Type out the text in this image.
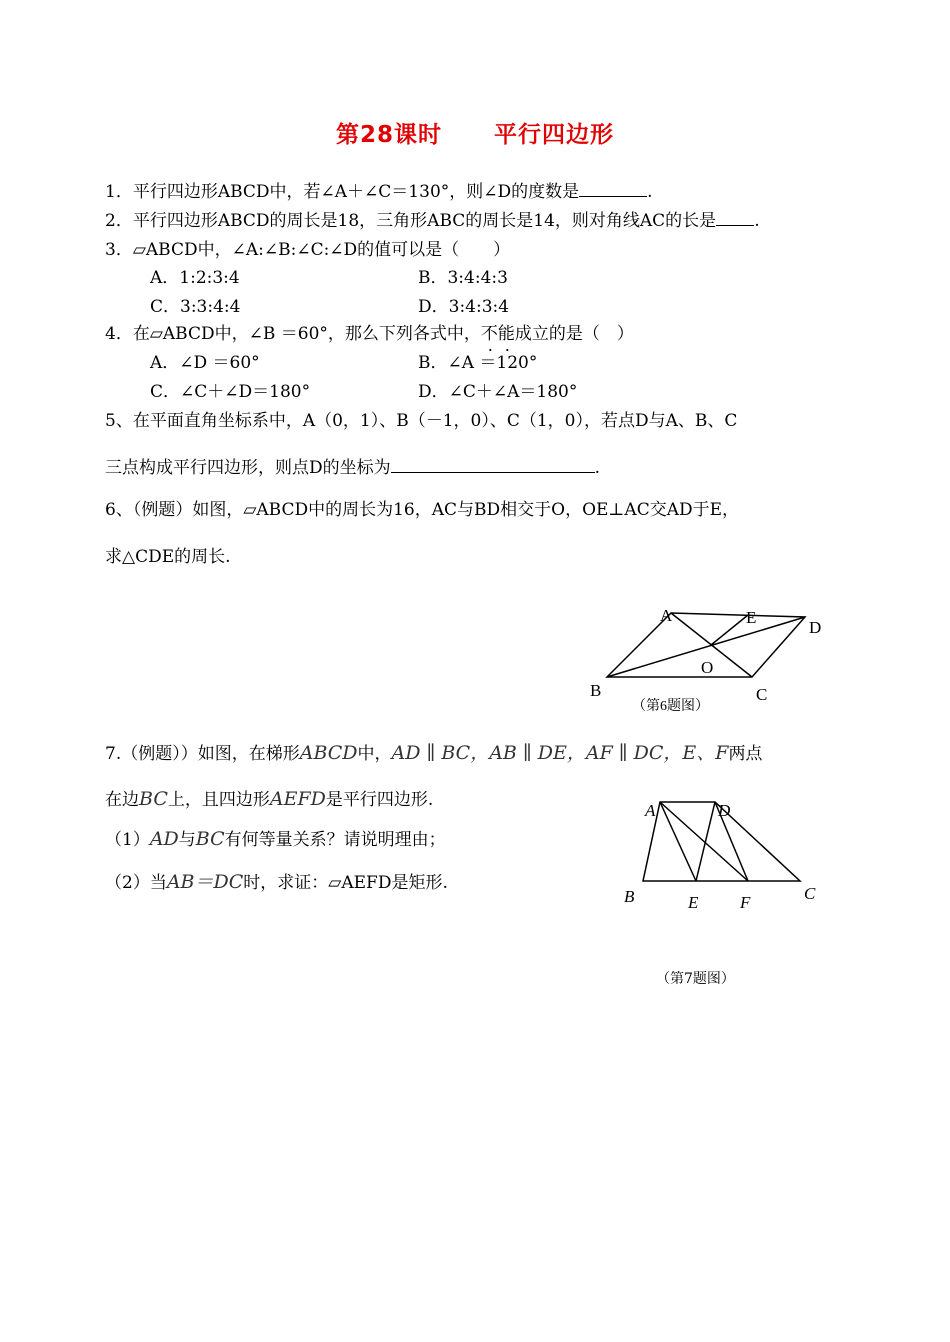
第28课时 平行四边形
1．平行四边形ABCD中，若∠A＋∠C＝130°，则∠D的度数是	.
2．平行四边形ABCD的周长是18，三角形ABC的周长是14，则对角线AC的长是 .
3．▱ABCD中，∠A:∠B:∠C:∠D的值可以是（　　）
A．1:2:3:4	B．3:4:4:3
C．3:3:4:4	D．3:4:3:4
4．在▱ABCD中，∠B ＝60°，那么下列各式中，不能成立的是（　）
A．∠D ＝60°	B．∠A ＝120°
C．∠C＋∠D＝180°	D．∠C＋∠A＝180°
5、在平面直角坐标系中，A（0，1）、B（－1，0）、C（1，0），若点D与A、B、C
三点构成平行四边形，则点D的坐标为	.
6、（例题）如图，▱ABCD中的周长为16，AC与BD相交于O，OE⊥AC交AD于E，
求△CDE的周长.
A	E
D
O
B	C
（第6题图）
7.（例题））如图，在梯形ABCD中，AD ∥ BC，AB ∥ DE，AF ∥ DC，E、F两点
在边BC上，且四边形AEFD是平行四边形.
（1）AD与BC有何等量关系？请说明理由；
（2）当AB＝DC时，求证：▱AEFD是矩形.
A	D
B	E F	C
（第7题图）
